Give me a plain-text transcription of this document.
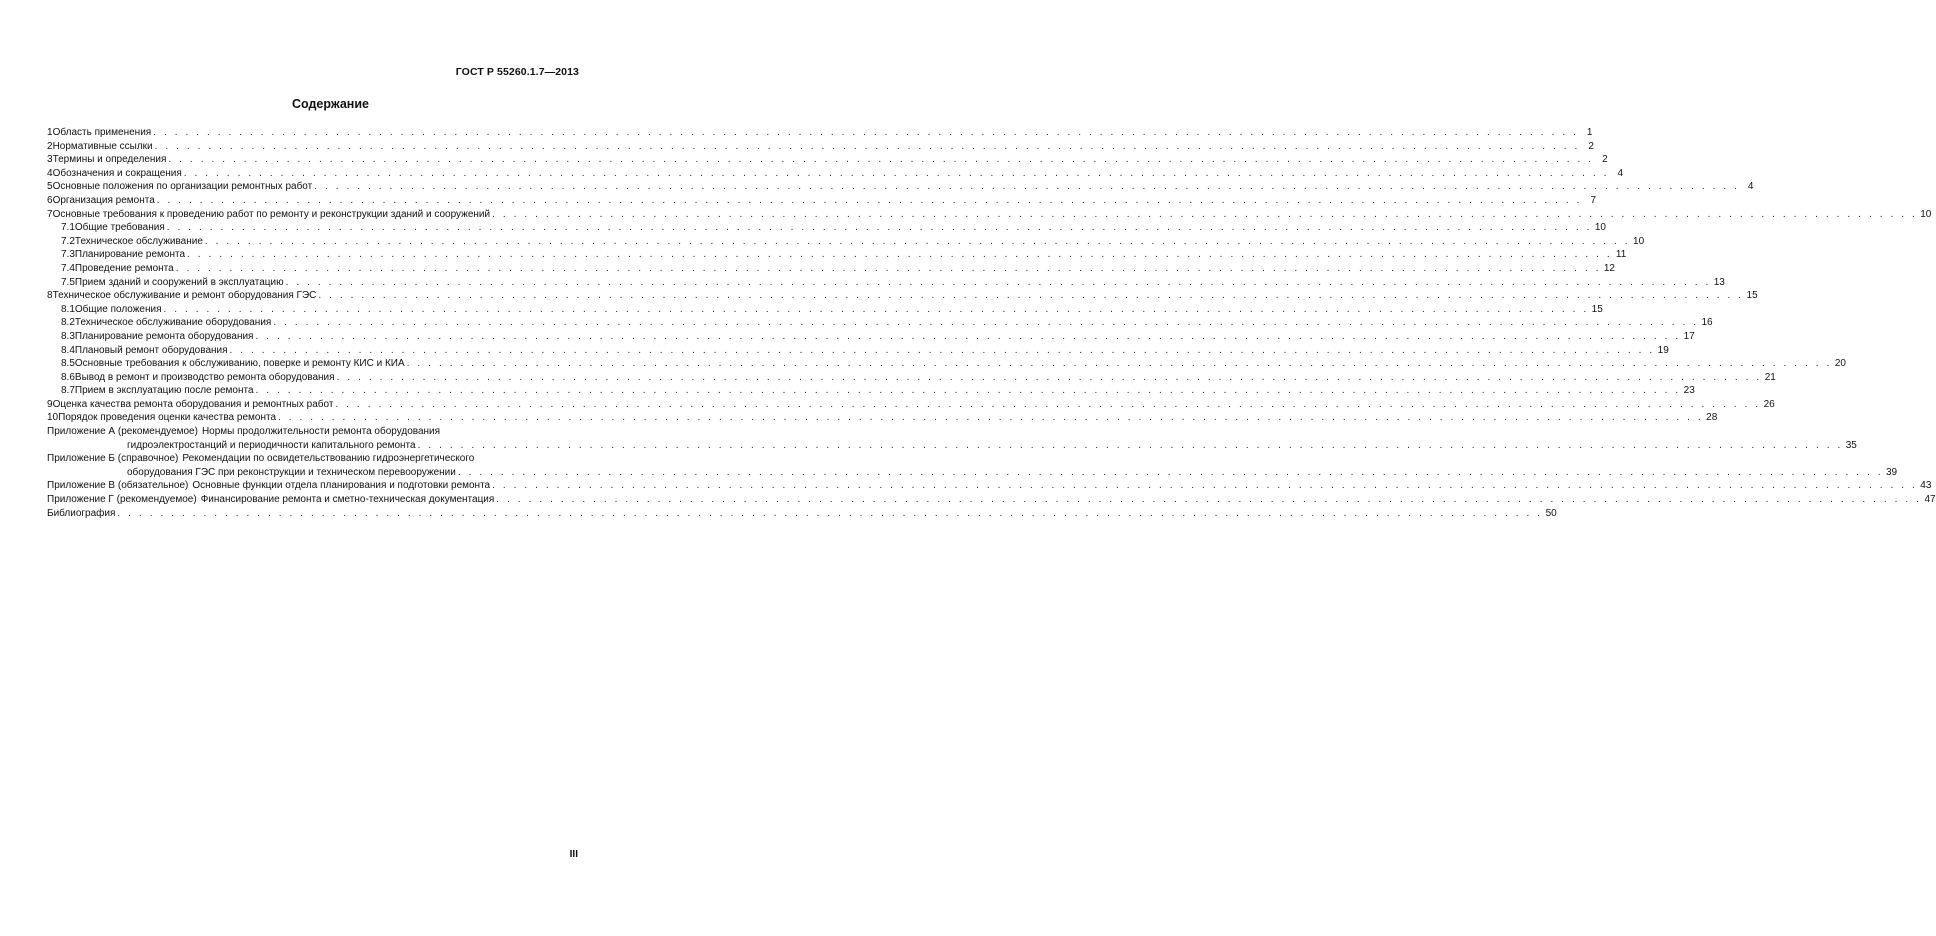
ГОСТ Р 55260.1.7—2013
Содержание
1 Область применения . . .	1
2 Нормативные ссылки . . .	2
3 Термины и определения . . .	2
4 Обозначения и сокращения . . .	4
5 Основные положения по организации ремонтных работ . . .	4
6 Организация ремонта . . .	7
7 Основные требования к проведению работ по ремонту и реконструкции зданий и сооружений . . .	10
7.1 Общие требования . . .	10
7.2 Техническое обслуживание . . .	10
7.3 Планирование ремонта . . .	11
7.4 Проведение ремонта . . .	12
7.5 Прием зданий и сооружений в эксплуатацию . . .	13
8 Техническое обслуживание и ремонт оборудования ГЭС . . .	15
8.1 Общие положения . . .	15
8.2 Техническое обслуживание оборудования . . .	16
8.3 Планирование ремонта оборудования . . .	17
8.4 Плановый ремонт оборудования . . .	19
8.5 Основные требования к обслуживанию, поверке и ремонту КИС и КИА . . .	20
8.6 Вывод в ремонт и производство ремонта оборудования . . .	21
8.7 Прием в эксплуатацию после ремонта . . .	23
9 Оценка качества ремонта оборудования и ремонтных работ . . .	26
10 Порядок проведения оценки качества ремонта . . .	28
Приложение А (рекомендуемое) Нормы продолжительности ремонта оборудования
гидроэлектростанций и периодичности капитального ремонта . . .	35
Приложение Б (справочное) Рекомендации по освидетельствованию гидроэнергетического
оборудования ГЭС при реконструкции и техническом перевооружении . . .	39
Приложение В (обязательное) Основные функции отдела планирования и подготовки ремонта . . .	43
Приложение Г (рекомендуемое) Финансирование ремонта и сметно-техническая документация . . .	47
Библиография . . .	50
III
